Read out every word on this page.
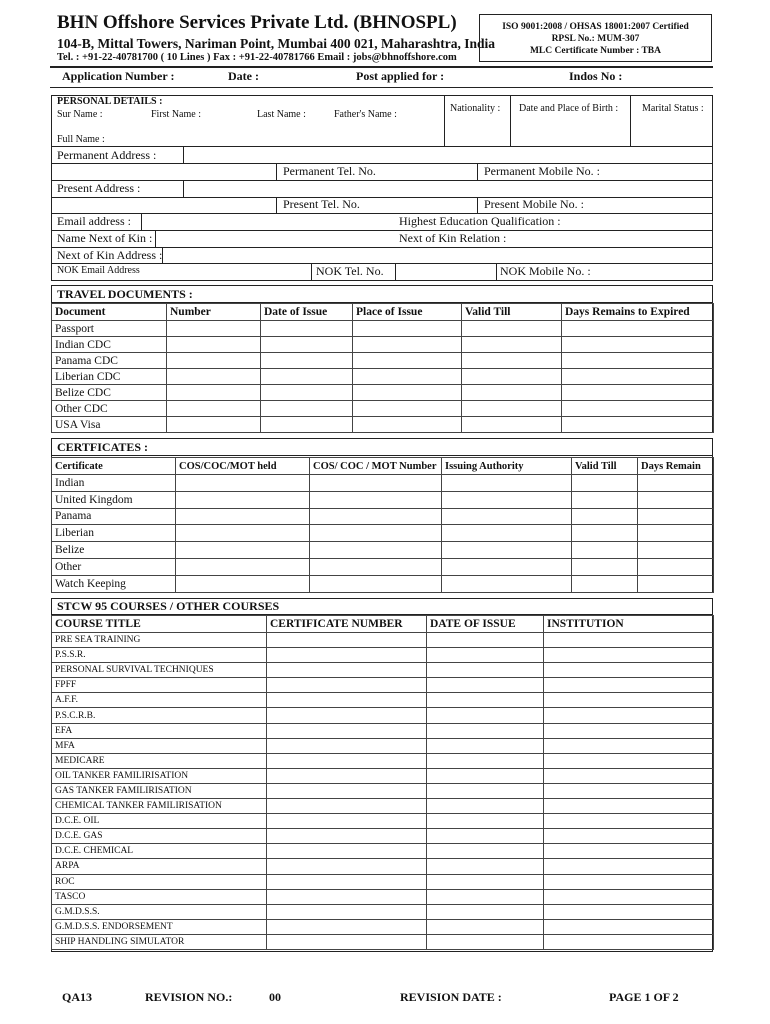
BHN Offshore Services Private Ltd. (BHNOSPL)
104-B, Mittal Towers, Nariman Point, Mumbai 400 021, Maharashtra, India
Tel. : +91-22-40781700 ( 10 Lines ) Fax : +91-22-40781766 Email : jobs@bhnoffshore.com
ISO 9001:2008 / OHSAS 18001:2007 Certified
RPSL No.: MUM-307
MLC Certificate Number : TBA
Application Number :	Date :	Post applied for :	Indos No :
PERSONAL DETAILS :
Sur Name :	First Name :	Last Name :	Father's Name :
Nationality : Date and Place of Birth : Marital Status :
Full Name :
Permanent Address :
Permanent Tel. No.	Permanent Mobile No. :
Present Address :
Present Tel. No.	Present Mobile No. :
Email address :	Highest Education Qualification :
Name Next of Kin :	Next of Kin Relation :
Next of Kin Address :
NOK Email Address	NOK Tel. No.	NOK Mobile No. :
TRAVEL DOCUMENTS :
Document	Number	Date of Issue	Place of Issue	Valid Till	Days Remains to Expired
Passport					
Indian CDC					
Panama CDC					
Liberian CDC					
Belize CDC					
Other CDC					
USA Visa					
CERTFICATES :
Certificate	COS/COC/MOT held	COS/ COC / MOT Number	Issuing Authority	Valid Till	Days Remain
Indian					
United Kingdom					
Panama					
Liberian					
Belize					
Other					
Watch Keeping					
STCW 95 COURSES / OTHER COURSES
COURSE TITLE	CERTIFICATE NUMBER	DATE OF ISSUE	INSTITUTION
PRE SEA TRAINING			
P.S.S.R.			
PERSONAL SURVIVAL TECHNIQUES			
FPFF			
A.F.F.			
P.S.C.R.B.			
EFA			
MFA			
MEDICARE			
OIL TANKER FAMILIRISATION			
GAS TANKER FAMILIRISATION			
CHEMICAL TANKER FAMILIRISATION			
D.C.E. OIL			
D.C.E. GAS			
D.C.E. CHEMICAL			
ARPA			
ROC			
TASCO			
G.M.D.S.S.			
G.M.D.S.S. ENDORSEMENT			
SHIP HANDLING SIMULATOR			
QA13	REVISION NO.:	00	REVISION DATE :	PAGE 1 OF 2
